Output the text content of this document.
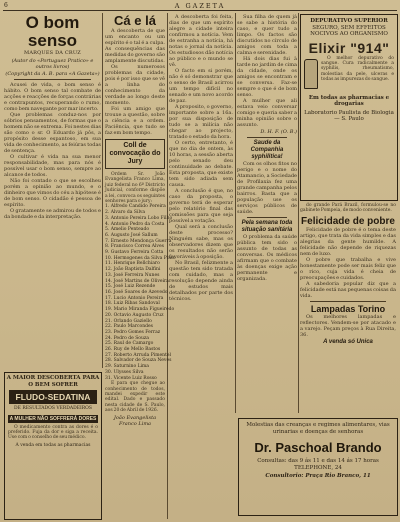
6	A GAZETA
O bom senso
MARQUES DA CRUZ
(Autor do «Portuguez Pratico» e outros livros)
(Copyright da A. B. para «A Gazeta»)

Acusei de vida, o bom senso é hábito. O bom senso tal combate de acções e reacções de forças contrárias e contrapuntos, recuperando o rumo, como bem navegante por mar incerto.

Que problemas conduz-nos por sóbrios pensamentos, de formas que o homem não se extrema. Foi nestes dias são como o sr. O Eduardo já pôs, a propósito desse espantoso, em sua vida de conhecimento, as feiúras todas de sentença.

O cultivar é vida na sua menor responsabilidade, mas para nós é possível usar o bom senso, sempre ao alcance de todos.

Não foi contado o que se escolheu porém a opinião ao mundo, e o dinheiro que vimos do céu a hipótese é de bom senso. O cidadão é pessoa de espírito.

O gratamente se admirou de todos e da bondade e da interpretação.

A MAIOR DESCOBERTA PARA O BEM SOFRER
FLUDO-SEDATINA
DE RESULTADOS VERDADEIROS
A MULHER NÃO SOFFRERÁ DORES

O medicamento contra as dores é o preferido. Fuja da dor e siga a receita. Use com o conselho de seu médico.

A venda em todas as pharmacias
Cá e lá

A descoberta de que um encanto ou um espírito é o tal é a culpa. As consequências das medidas do governo são amplamente discutidas.

Os numerosos problemas da cidade, pois é por isso que se vê a linha do conhecimento da verdade ao longo deste momento.

Foi um amigo que trouxe a questão, sobre a ciência e a ordem. Paciência, que tudo se faz em bom tempo.

Coll de convocação do Jury

Ordem Sr. João Evangelista Franco Lima, juiz federal no 6º Districto Judicial, conforme dispõe a lei, convoca os seguintes senhores para o jury:

1. Alfredo Candido Pereira
2. Alvaro da Silva
3. Antonio Pereira Lobo Filho
4. Antonio Pedro da Costa
5. Amelio Penteado
6. Augusto José Sallum
7. Ernesto Mendonça Guerra
8. Francisco Correa Alves
9. Gustavo Ferreira Cotta
10. Hermogenes da Silva Pinto
11. Henrique Bellchiaro
12. João Baptista Dalfini
13. José Ferreira Nunes
14. José Martins de Oliveira
15. José Luiz Rezende
16. José Soares de Azevedo
17. Lucio Antonio Pereira
18. Luiz Ribas Sandoval
19. Mario Miranda Figueiredo
20. Octavio Augusto Cruz
21. Orlando Gaziello
22. Paulo Marcondes
23. Pedro Gomes Ferraz
24. Pedro de Souza
25. Raul de Camargo
26. Ruy de Mello Bastos
27. Roberto Arruda Pimentel
28. Salvador de Souza Neves
29. Saturnino Lima
30. Ulysses Silva
31. Vicente Luiz Rosso

E para que chegue ao conhecimento de todos, mandei expedir este edital. Dado e passado nesta cidade de S. Paulo, aos 20 de Abril de 1926.

João Evangelista Franco Lima

A descoberta foi feita, dias de que um espírito alegre a cidade inteira confirmou a notícia. Vem de estranha a notícia, há notas o jornal da notícia. Os estudiosos dão notícia ao público e o mundo se vê.

O facto em si porém, não é só demonstrar que o senso de Brasil acirrou um tempo difícil no senado e um novo acordo de paz.

A proposito, o governo, importante sobre a 16a. por sua disposição de tudo se a milícia não chegar ao projecto, tratado o estado da hora.

O certo, entretanto, é que no dia de ontem, às 10 horas, a sessão aberta pelo senado deu continuidade ao debate. Esta proposta, que existe tem sido adiada sem causa.

A conclusão é que, no caso da proposta, o governo terá de esperar pelo relatório final das comissões para que seja possível a votação.

Qual será a conclusão deste processo? Ninguém sabe, mas os observadores dizem que os resultados não serão favoráveis à oposição.

No Brasil, felizmente a questão tem sido tratada com cuidado, mas a resolução depende ainda de estudos mais detalhados por parte dos técnicos.

Sua filha de quem já se sabe a história do caso, e quer tudo a limpo. Os factos são discutidos no círculo de amigos com toda a calma e serenidade.

Há dois dias fui à tarde no jardim de cima da cidade, onde os amigos se encontram e se conversa. Faz-se sempre o que é de bom senso.

A mulher que ali estava veio conversar comigo e queria saber a minha opinião sobre o assunto.

D. H. F. (O. B.)
Saude da Companhia syphilitica!

Com os olhos fitos no perigo e o nome do Atamancio, a Sociedade de Profilaxia fez uma grande campanha pelos bairros. Basta que a população use os serviços públicos de saúde.

Pela semana toda situação sanitária

O problema da saúde pública tem sido o assunto de todas as conversas. Os médicos afirmam que o combate às doenças exige ação permanente e organizada.

DEPURATIVO SUPERIOR
SEGURO, SEM EFFEITOS
NOCIVOS AO ORGANISMO
Elixir "914"

O melhor depurativo do sangue. Cura radicalmente a syphilis, rheumatismo, molestias da pele, ulceras e todas as impurezas do sangue.

Em todas as pharmacias e drogarias
Laboratorio Paulista de Biologia — S. Paulo

do grande Pará Brazil, formulou-se no gabinete Pompeia, de modo conveniente.

Felicidade de pobre

Felicidade de pobre é o tema deste artigo, que trata da vida simples e das alegrias da gente humilde. A felicidade não depende de riquezas nem de luxo.

O pobre que trabalha e vive honestamente pode ser mais feliz que o rico, cuja vida é cheia de preocupações e cuidados.

A sabedoria popular diz que a felicidade está nas pequenas coisas da vida.

Lampadas Torino

Os melhores lampadas e reflectores. Vendem-se por atacado e a varejo. Peçam preços à Rua Direita, 36.

A venda só Unica
Molestias das creanças e regimes alimentares, vias urinarias e doenças de senhoras
Dr. Paschoal Brando
Consultas: das 9 ás 11 e das 14 ás 17 horas
TELEPHONE, 24
Consultorio: Praça Rio Branco, 11
